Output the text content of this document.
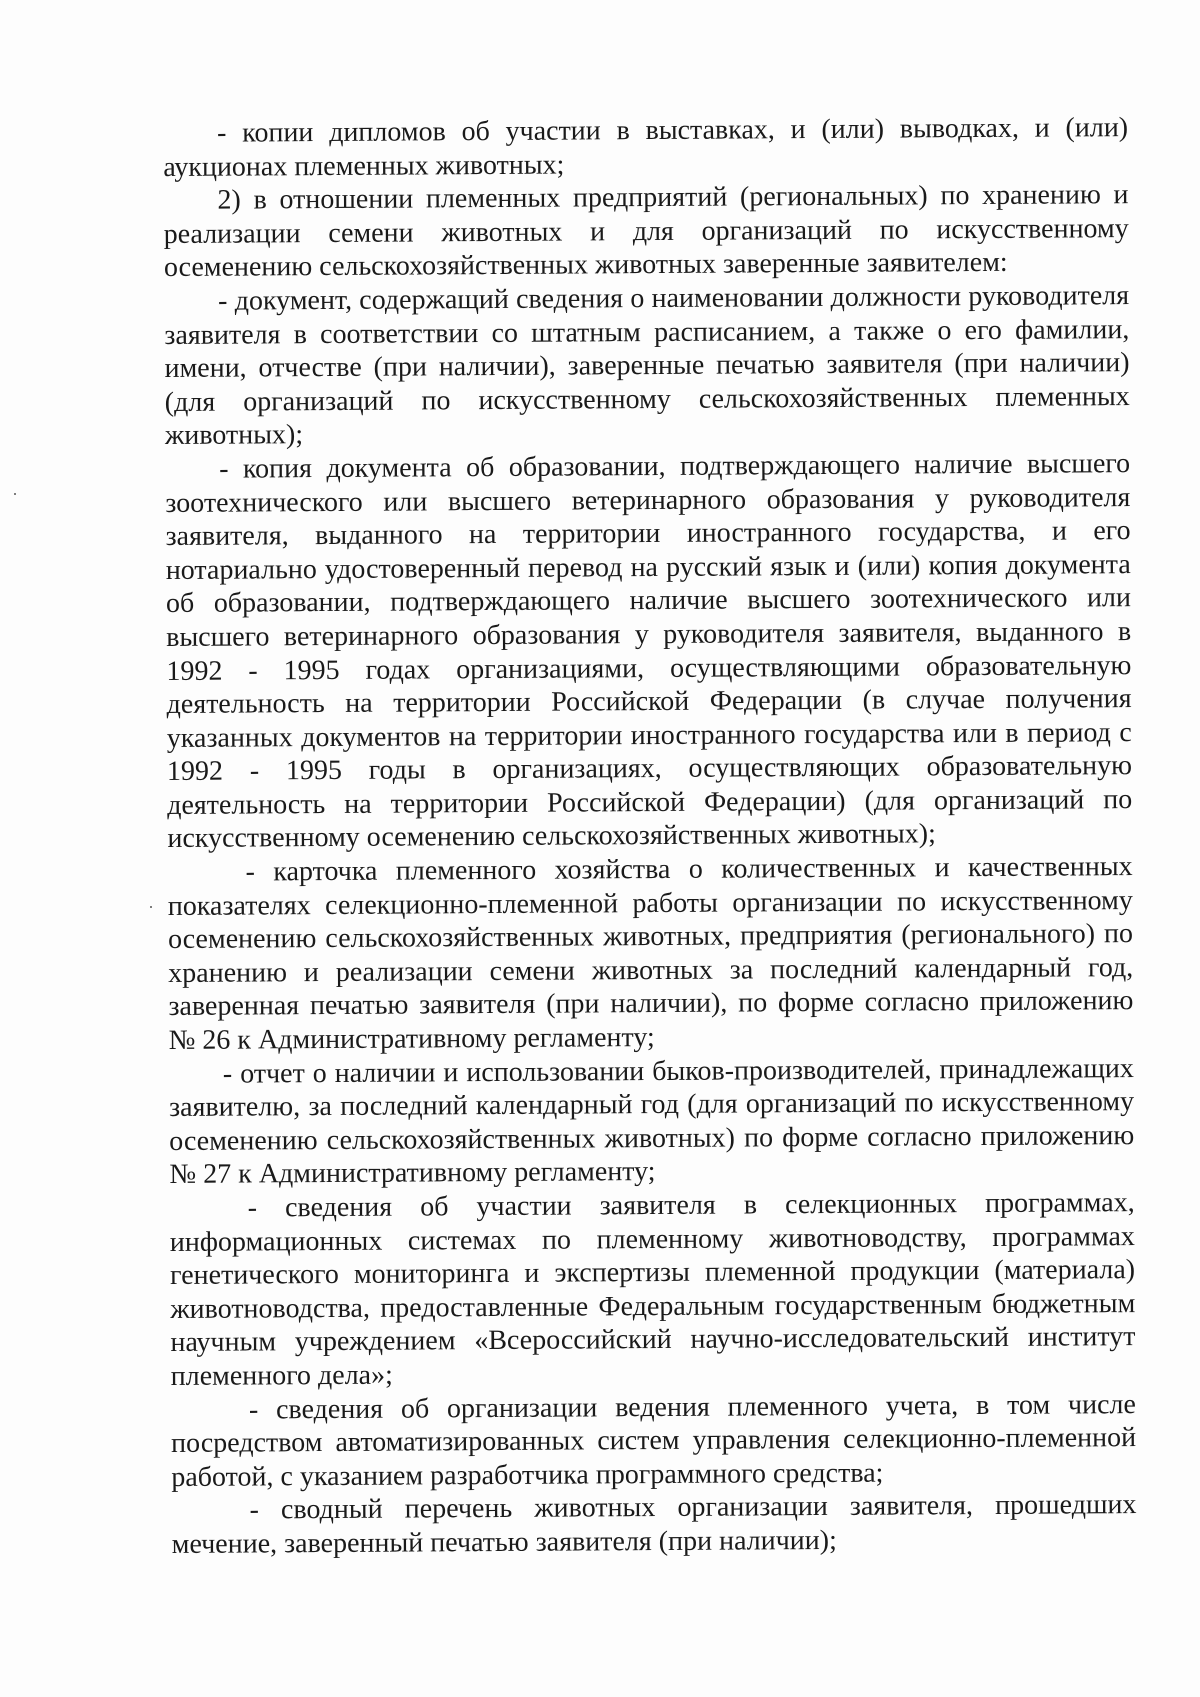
- копии дипломов об участии в выставках, и (или) выводках, и (или) аукционах племенных животных;

2) в отношении племенных предприятий (региональных) по хранению и реализации семени животных и для организаций по искусственному осеменению сельскохозяйственных животных заверенные заявителем:

- документ, содержащий сведения о наименовании должности руководителя заявителя в соответствии со штатным расписанием, а также о его фамилии, имени, отчестве (при наличии), заверенные печатью заявителя (при наличии) (для организаций по искусственному сельскохозяйственных племенных животных);

- копия документа об образовании, подтверждающего наличие высшего зоотехнического или высшего ветеринарного образования у руководителя заявителя, выданного на территории иностранного государства, и его нотариально удостоверенный перевод на русский язык и (или) копия документа об образовании, подтверждающего наличие высшего зоотехнического или высшего ветеринарного образования у руководителя заявителя, выданного в 1992 - 1995 годах организациями, осуществляющими образовательную деятельность на территории Российской Федерации (в случае получения указанных документов на территории иностранного государства или в период с 1992 - 1995 годы в организациях, осуществляющих образовательную деятельность на территории Российской Федерации) (для организаций по искусственному осеменению сельскохозяйственных животных);

- карточка племенного хозяйства о количественных и качественных показателях селекционно-племенной работы организации по искусственному осеменению сельскохозяйственных животных, предприятия (регионального) по хранению и реализации семени животных за последний календарный год, заверенная печатью заявителя (при наличии), по форме согласно приложению № 26 к Административному регламенту;

- отчет о наличии и использовании быков-производителей, принадлежащих заявителю, за последний календарный год (для организаций по искусственному осеменению сельскохозяйственных животных) по форме согласно приложению № 27 к Административному регламенту;

- сведения об участии заявителя в селекционных программах, информационных системах по племенному животноводству, программах генетического мониторинга и экспертизы племенной продукции (материала) животноводства, предоставленные Федеральным государственным бюджетным научным учреждением «Всероссийский научно-исследовательский институт племенного дела»;

- сведения об организации ведения племенного учета, в том числе посредством автоматизированных систем управления селекционно-племенной работой, с указанием разработчика программного средства;

- сводный перечень животных организации заявителя, прошедших мечение, заверенный печатью заявителя (при наличии);
